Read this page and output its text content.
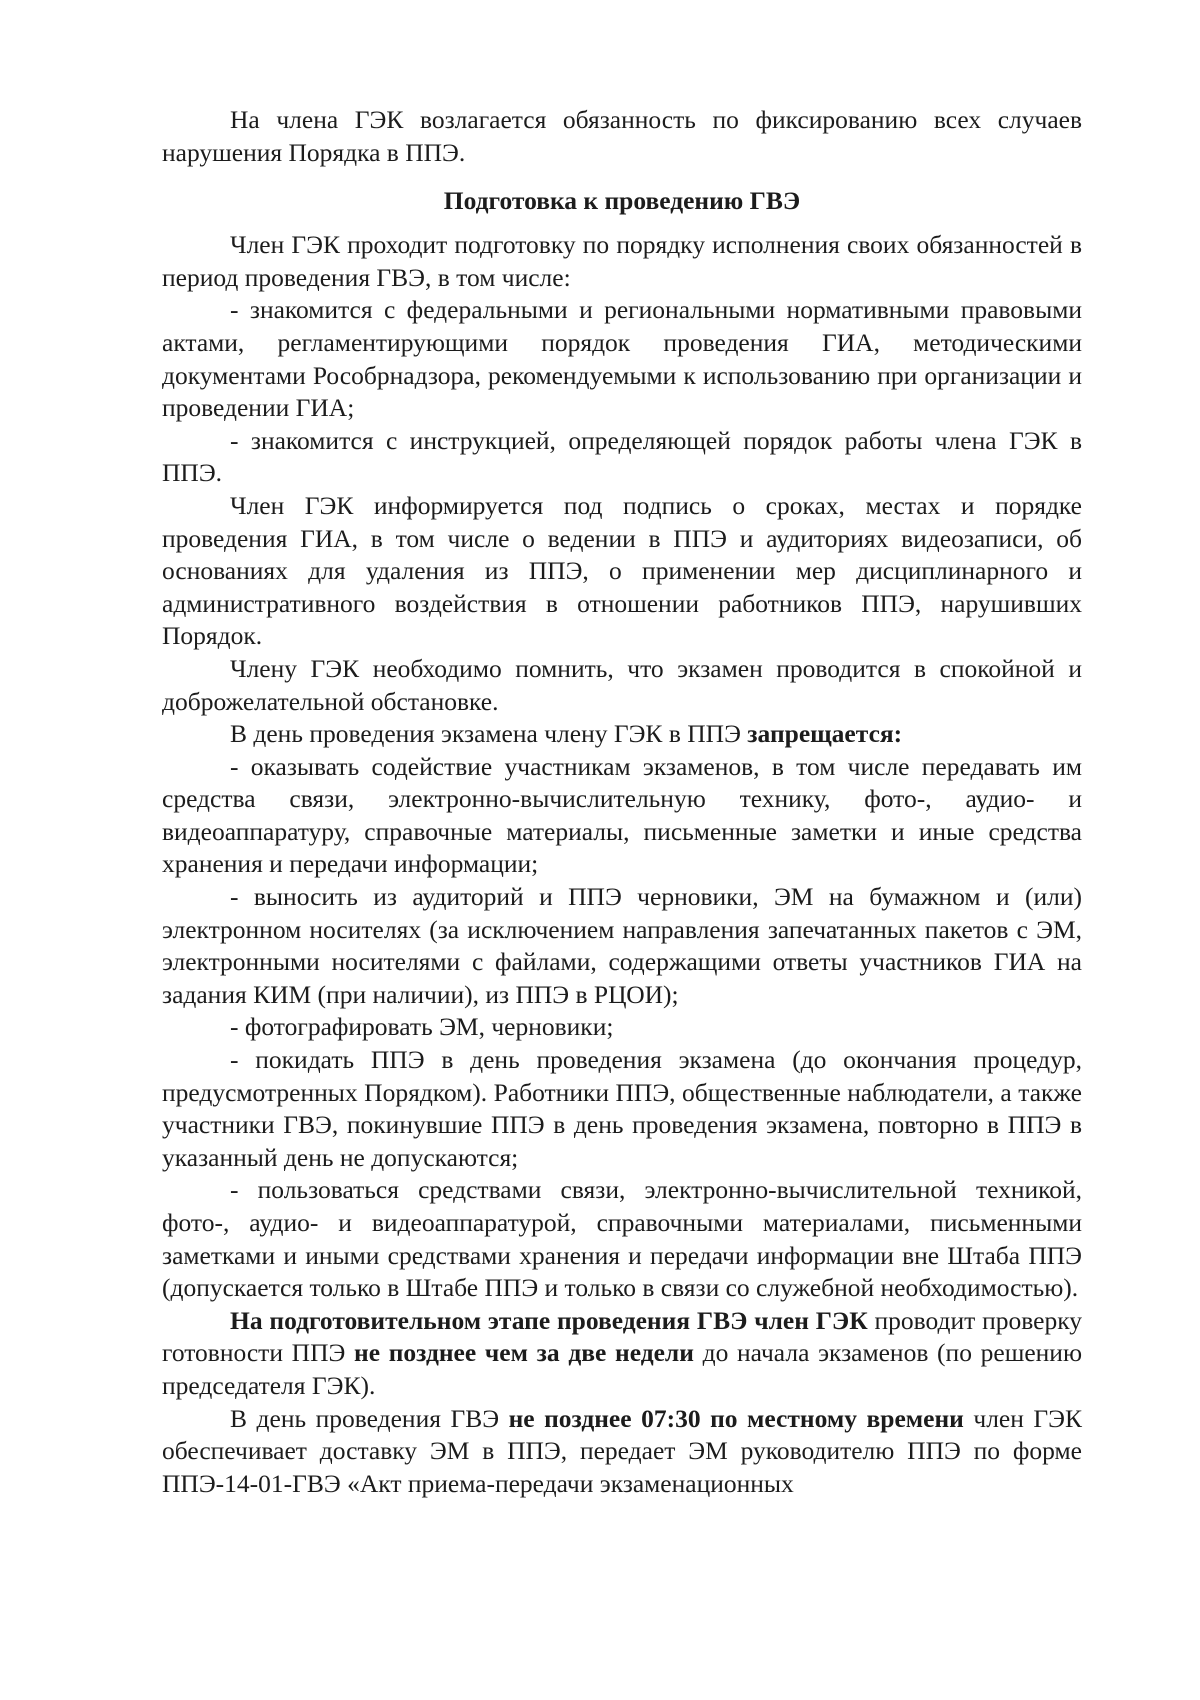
На члена ГЭК возлагается обязанность по фиксированию всех случаев нарушения Порядка в ППЭ.

Подготовка к проведению ГВЭ

Член ГЭК проходит подготовку по порядку исполнения своих обязанностей в период проведения ГВЭ, в том числе:

- знакомится с федеральными и региональными нормативными правовыми актами, регламентирующими порядок проведения ГИА, методическими документами Рособрнадзора, рекомендуемыми к использованию при организации и проведении ГИА;

- знакомится с инструкцией, определяющей порядок работы члена ГЭК в ППЭ.

Член ГЭК информируется под подпись о сроках, местах и порядке проведения ГИА, в том числе о ведении в ППЭ и аудиториях видеозаписи, об основаниях для удаления из ППЭ, о применении мер дисциплинарного и административного воздействия в отношении работников ППЭ, нарушивших Порядок.

Члену ГЭК необходимо помнить, что экзамен проводится в спокойной и доброжелательной обстановке.

В день проведения экзамена члену ГЭК в ППЭ запрещается:

- оказывать содействие участникам экзаменов, в том числе передавать им средства связи, электронно-вычислительную технику, фото-, аудио- и видеоаппаратуру, справочные материалы, письменные заметки и иные средства хранения и передачи информации;

- выносить из аудиторий и ППЭ черновики, ЭМ на бумажном и (или) электронном носителях (за исключением направления запечатанных пакетов с ЭМ, электронными носителями с файлами, содержащими ответы участников ГИА на задания КИМ (при наличии), из ППЭ в РЦОИ);

- фотографировать ЭМ, черновики;

- покидать ППЭ в день проведения экзамена (до окончания процедур, предусмотренных Порядком). Работники ППЭ, общественные наблюдатели, а также участники ГВЭ, покинувшие ППЭ в день проведения экзамена, повторно в ППЭ в указанный день не допускаются;

- пользоваться средствами связи, электронно-вычислительной техникой, фото-, аудио- и видеоаппаратурой, справочными материалами, письменными заметками и иными средствами хранения и передачи информации вне Штаба ППЭ (допускается только в Штабе ППЭ и только в связи со служебной необходимостью).

На подготовительном этапе проведения ГВЭ член ГЭК проводит проверку готовности ППЭ не позднее чем за две недели до начала экзаменов (по решению председателя ГЭК).

В день проведения ГВЭ не позднее 07:30 по местному времени член ГЭК обеспечивает доставку ЭМ в ППЭ, передает ЭМ руководителю ППЭ по форме ППЭ-14-01-ГВЭ «Акт приема-передачи экзаменационных
